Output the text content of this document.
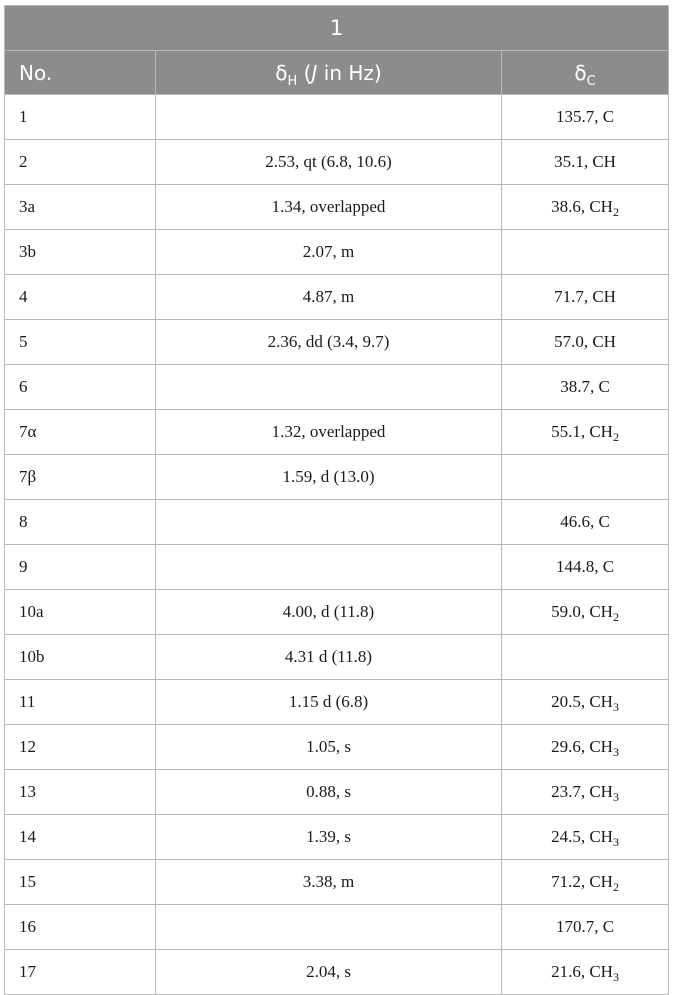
1		
No.	$\delta_H$ (J in Hz)	$\delta_C$
1		135.7, C
2	2.53, qt (6.8, 10.6)	35.1, CH
3a	1.34, overlapped	38.6, $CH_2$
3b	2.07, m	
4	4.87, m	71.7, CH
5	2.36, dd (3.4, 9.7)	57.0, CH
6		38.7, C
7α	1.32, overlapped	55.1, $CH_2$
7β	1.59, d (13.0)	
8		46.6, C
9		144.8, C
10a	4.00, d (11.8)	59.0, $CH_2$
10b	4.31 d (11.8)	
11	1.15 d (6.8)	20.5, $CH_3$
12	1.05, s	29.6, $CH_3$
13	0.88, s	23.7, $CH_3$
14	1.39, s	24.5, $CH_3$
15	3.38, m	71.2, $CH_2$
16		170.7, C
17	2.04, s	21.6, $CH_3$
